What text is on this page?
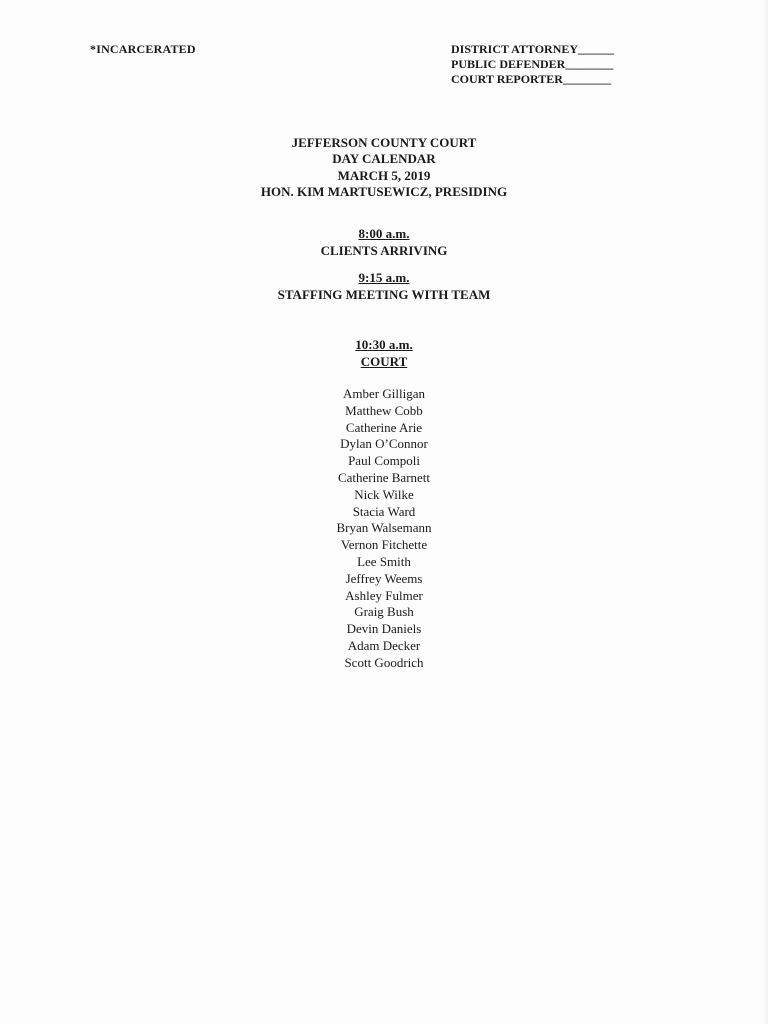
*INCARCERATED	DISTRICT ATTORNEY______
PUBLIC DEFENDER________
COURT REPORTER________
JEFFERSON COUNTY COURT
DAY CALENDAR
MARCH 5, 2019
HON. KIM MARTUSEWICZ, PRESIDING
8:00 a.m.
CLIENTS ARRIVING
9:15 a.m.
STAFFING MEETING WITH TEAM
10:30 a.m.
COURT
Amber Gilligan
Matthew Cobb
Catherine Arie
Dylan O’Connor
Paul Compoli
Catherine Barnett
Nick Wilke
Stacia Ward
Bryan Walsemann
Vernon Fitchette
Lee Smith
Jeffrey Weems
Ashley Fulmer
Graig Bush
Devin Daniels
Adam Decker
Scott Goodrich
